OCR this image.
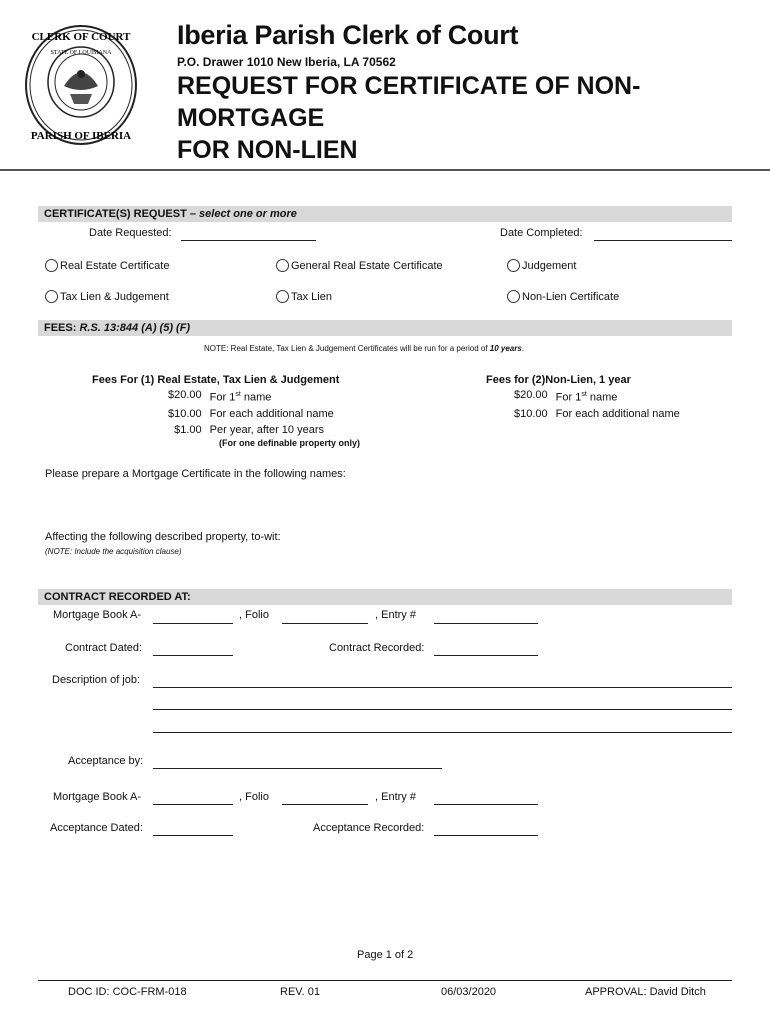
CLERK OF COURT
PARISH OF IBERIA
STATE OF LOUISIANA
Iberia Parish Clerk of Court
P.O. Drawer 1010 New Iberia, LA 70562
REQUEST FOR CERTIFICATE OF NON-MORTGAGE
FOR NON-LIEN
CERTIFICATE(S) REQUEST – select one or more
Date Requested:	Date Completed:
Real Estate Certificate	General Real Estate Certificate	Judgement
Tax Lien & Judgement	Tax Lien	Non-Lien Certificate
FEES: R.S. 13:844 (A) (5) (F)
NOTE: Real Estate, Tax Lien & Judgement Certificates will be run for a period of 10 years.
Fees For (1) Real Estate, Tax Lien & Judgement
$20.00	For 1st name
$10.00	For each additional name
$1.00	Per year, after 10 years
(For one definable property only)
Fees for (2)Non-Lien, 1 year
$20.00	For 1st name
$10.00	For each additional name
Please prepare a Mortgage Certificate in the following names:
Affecting the following described property, to-wit:
(NOTE: Include the acquisition clause)
CONTRACT RECORDED AT:
Mortgage Book A-	, Folio	, Entry #
Contract Dated:	Contract Recorded:
Description of job:
Acceptance by:
Mortgage Book A-	, Folio	, Entry #
Acceptance Dated:	Acceptance Recorded:
Page 1 of 2
DOC ID: COC-FRM-018	REV. 01	06/03/2020	APPROVAL: David Ditch
